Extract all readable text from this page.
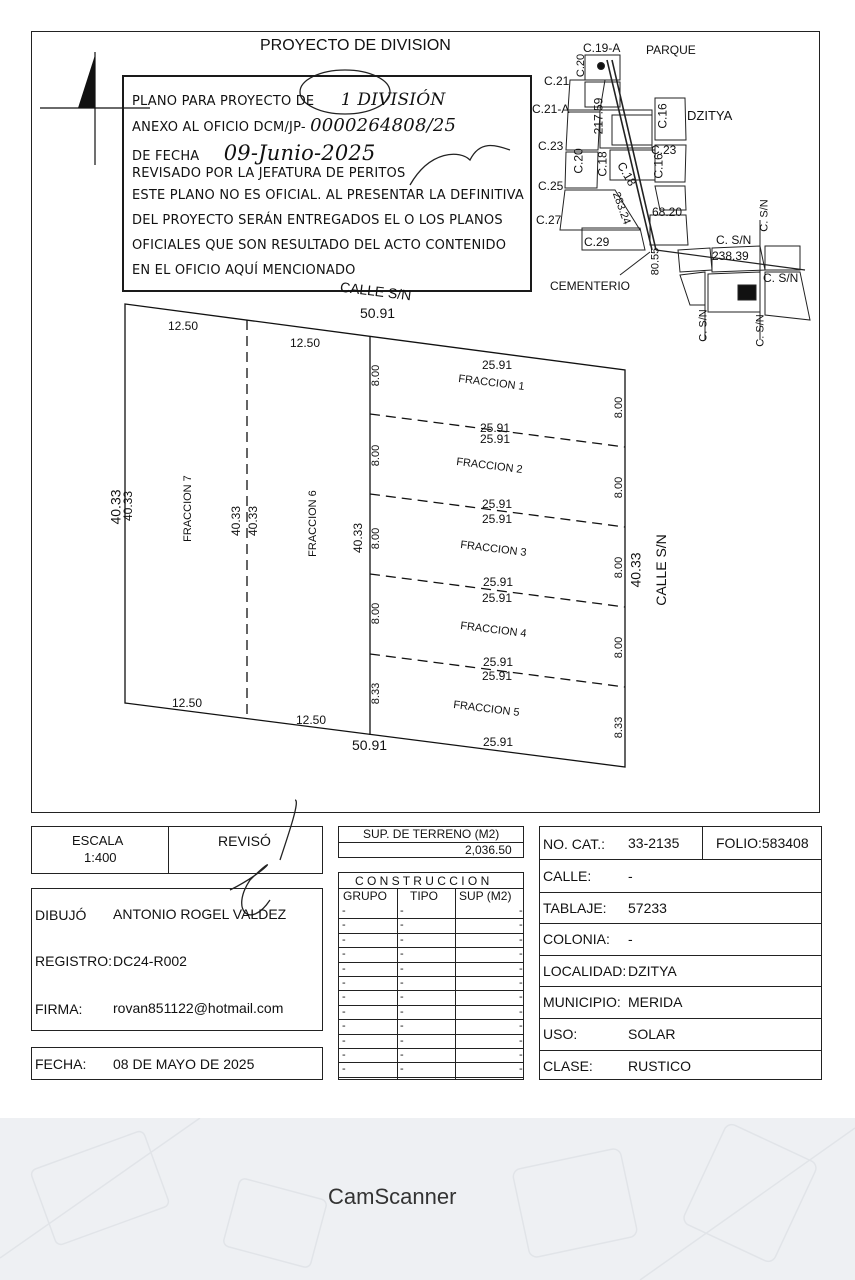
PROYECTO DE DIVISION
PLANO PARA PROYECTO DE 1 DIVISIÓN
ANEXO AL OFICIO DCM/JP- 0000264808/25
DE FECHA 09-Junio-2025
REVISADO POR LA JEFATURA DE PERITOS
ESTE PLANO NO ES OFICIAL. AL PRESENTAR LA DEFINITIVA
DEL PROYECTO SERÁN ENTREGADOS EL O LOS PLANOS
OFICIALES QUE SON RESULTADO DEL ACTO CONTENIDO
EN EL OFICIO AQUÍ MENCIONADO
C.19-A PARQUE
C.20
C.21
C.21-A 217.59	C.16 DZITYA
C.23	C.23
C.20 C.18 C.18 C.16
C.25
283.24 68.20
C.27
C.29
C. S/N
C. S/N
238.39
C. S/N
80.55
CEMENTERIO
C. S/N	C. S/N
CALLE S/N
50.91
12.50
12.50
12.50
12.50
50.91
40.33
40.33	40.33 40.33
40.33
40.33 CALLE S/N
FRACCION 7	FRACCION 6
FRACCION 1
25.91
8.00
8.00
25.91
FRACCION 2
25.91
8.00
8.00
25.91
FRACCION 3
25.91
8.00
8.00
25.91
FRACCION 4
25.91
8.00
8.00
25.91
FRACCION 5
25.91
8.33
8.33
25.91
ESCALA
1:400
REVISÓ
DIBUJÓ ANTONIO ROGEL VALDEZ
REGISTRO: DC24-R002
FIRMA: rovan851122@hotmail.com
FECHA: 08 DE MAYO DE 2025
SUP. DE TERRENO (M2)
2,036.50
C O N S T R U C C I O N
GRUPO TIPO SUP (M2)
-	-	-
-	-	-
-	-	-
-	-	-
-	-	-
-	-	-
-	-	-
-	-	-
-	-	-
-	-	-
-	-	-
-	-	-
NO. CAT.: 33-2135	FOLIO:583408
CALLE:	-
TABLAJE: 57233
COLONIA: -
LOCALIDAD: DZITYA
MUNICIPIO: MERIDA
USO:	SOLAR
CLASE:	RUSTICO
CamScanner
